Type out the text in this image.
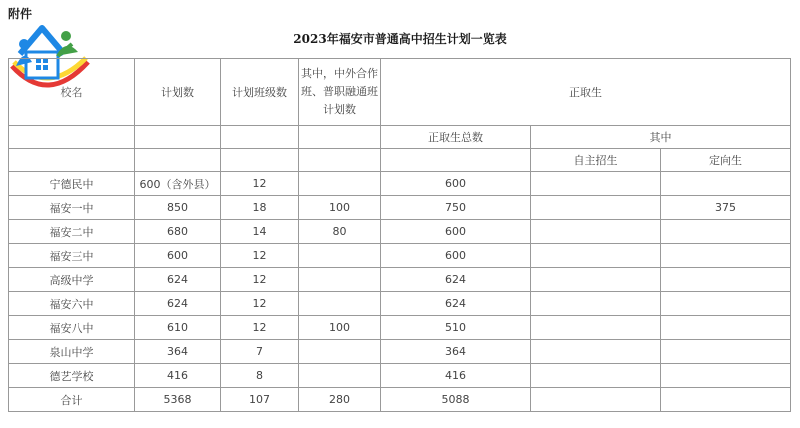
附件
2023年福安市普通高中招生计划一览表
校名	计划数	计划班级数	其中，中外合作班、普职融通班计划数	正取生		
				正取生总数	其中	
					自主招生	定向生
宁德民中	600（含外县）	12		600		
福安一中	850	18	100	750		375
福安二中	680	14	80	600		
福安三中	600	12		600		
高级中学	624	12		624		
福安六中	624	12		624		
福安八中	610	12	100	510		
泉山中学	364	7		364		
德艺学校	416	8		416		
合计	5368	107	280	5088		
